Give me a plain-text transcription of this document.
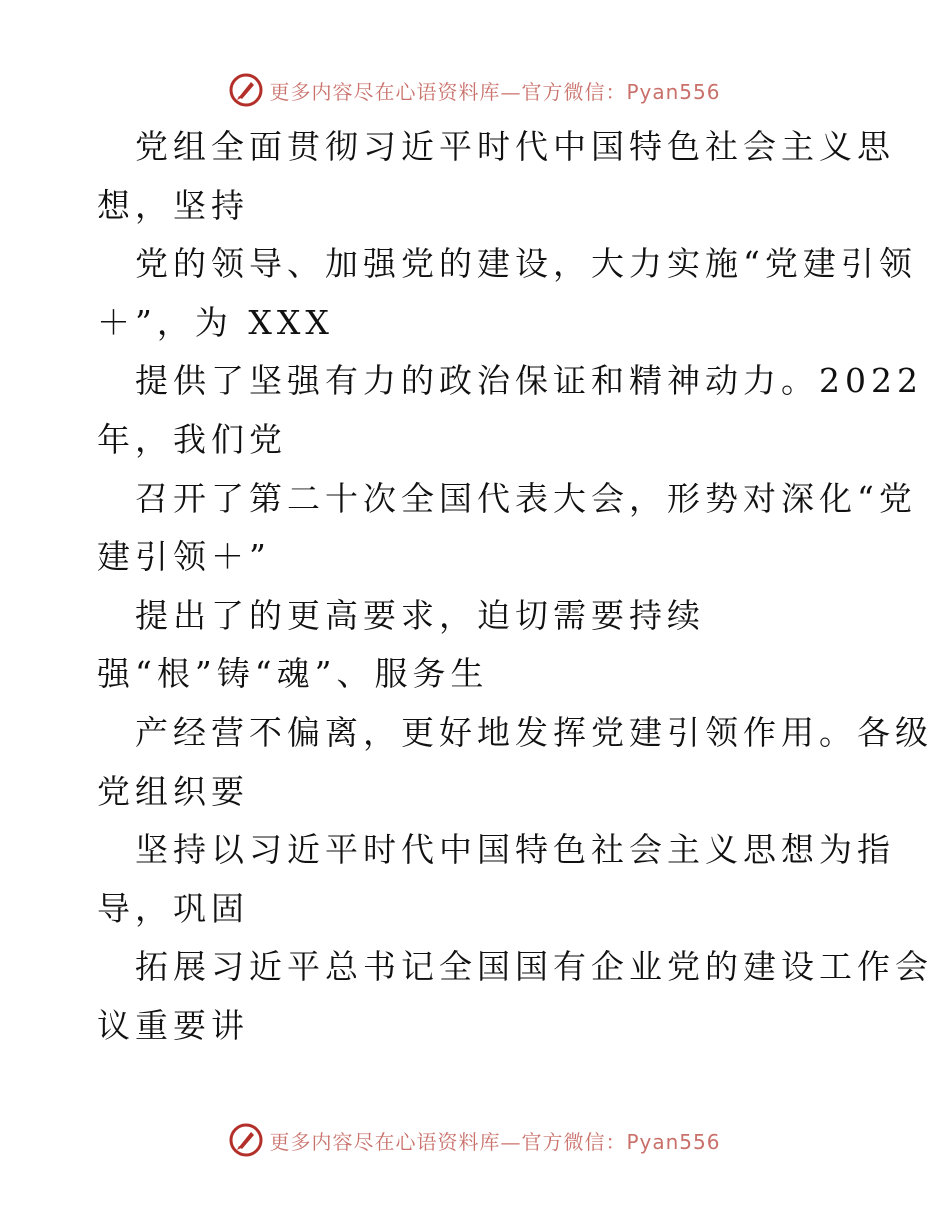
更多内容尽在心语资料库—官方微信：Pyan556
党组全面贯彻习近平时代中国特色社会主义思
想，坚持
党的领导、加强党的建设，大力实施“党建引领
＋”，为 XXX
提供了坚强有力的政治保证和精神动力。2022
年，我们党
召开了第二十次全国代表大会，形势对深化“党
建引领＋”
提出了的更高要求，迫切需要持续
强“根”铸“魂”、服务生
产经营不偏离，更好地发挥党建引领作用。各级
党组织要
坚持以习近平时代中国特色社会主义思想为指
导，巩固
拓展习近平总书记全国国有企业党的建设工作会
议重要讲
更多内容尽在心语资料库—官方微信：Pyan556
